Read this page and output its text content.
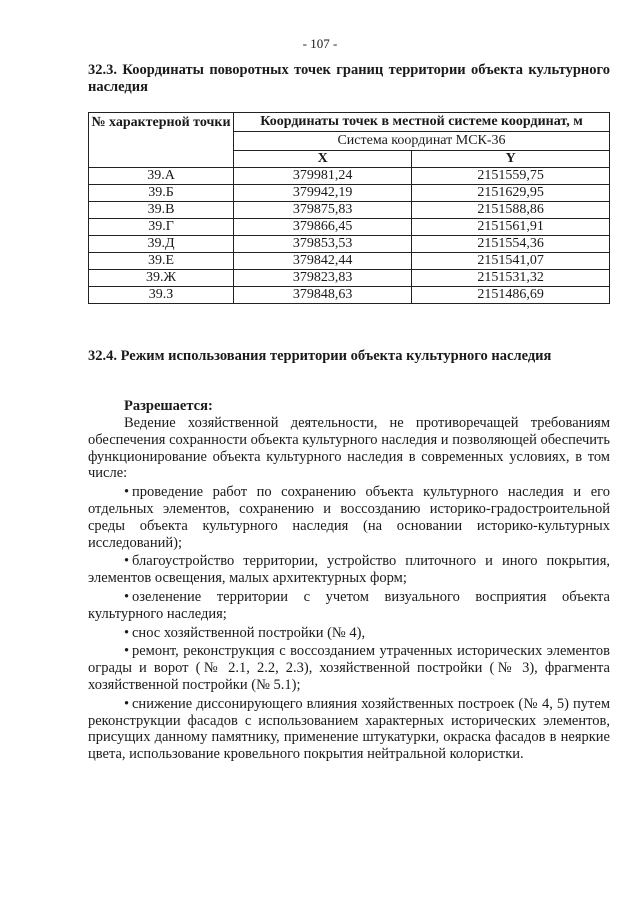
- 107 -
32.3. Координаты поворотных точек границ территории объекта культурного наследия
№ характерной точки	Координаты точек в местной системе координат, м	
	Система координат МСК-36	
	X	Y
39.А	379981,24	2151559,75
39.Б	379942,19	2151629,95
39.В	379875,83	2151588,86
39.Г	379866,45	2151561,91
39.Д	379853,53	2151554,36
39.Е	379842,44	2151541,07
39.Ж	379823,83	2151531,32
39.З	379848,63	2151486,69
32.4. Режим использования территории объекта культурного наследия
Разрешается:

Ведение хозяйственной деятельности, не противоречащей требованиям обеспечения сохранности объекта культурного наследия и позволяющей обеспечить функционирование объекта культурного наследия в современных условиях, в том числе:

• проведение работ по сохранению объекта культурного наследия и его отдельных элементов, сохранению и воссозданию историко-градостроительной среды объекта культурного наследия (на основании историко-культурных исследований);

• благоустройство территории, устройство плиточного и иного покрытия, элементов освещения, малых архитектурных форм;

• озеленение территории с учетом визуального восприятия объекта культурного наследия;

• снос хозяйственной постройки (№ 4),

• ремонт, реконструкция с воссозданием утраченных исторических элементов ограды и ворот (№ 2.1, 2.2, 2.3), хозяйственной постройки (№ 3), фрагмента хозяйственной постройки (№ 5.1);

• снижение диссонирующего влияния хозяйственных построек (№ 4, 5) путем реконструкции фасадов с использованием характерных исторических элементов, присущих данному памятнику, применение штукатурки, окраска фасадов в неяркие цвета, использование кровельного покрытия нейтральной колористки.
